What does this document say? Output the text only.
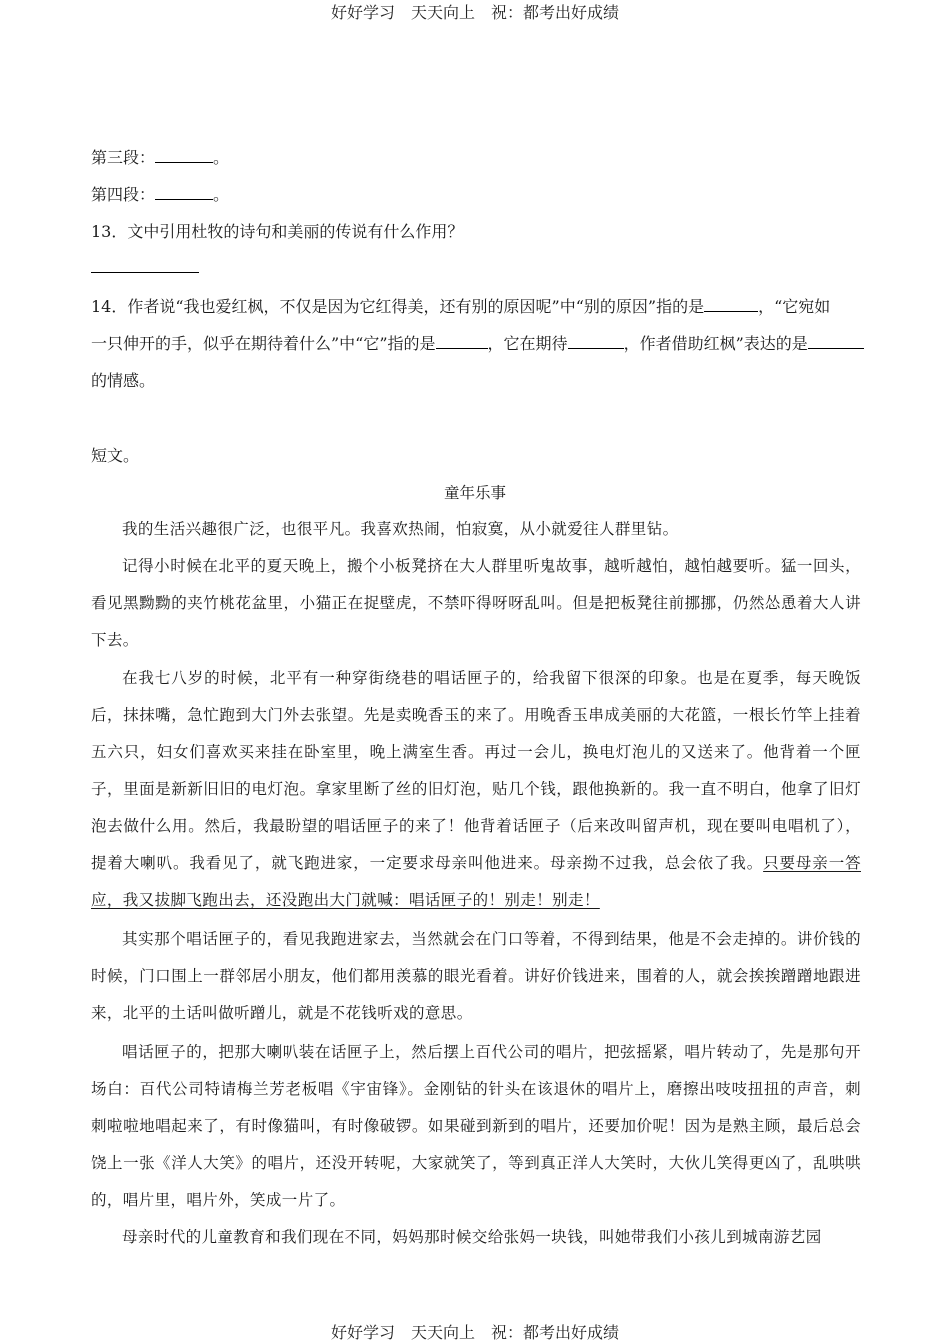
好好学习　天天向上　祝：都考出好成绩
第三段：	。
第四段：	。
13．文中引用杜牧的诗句和美丽的传说有什么作用？
14．作者说“我也爱红枫，不仅是因为它红得美，还有别的原因呢”中“别的原因”指的是	，“它宛如
一只伸开的手，似乎在期待着什么”中“它”指的是	，它在期待	，作者借助红枫”表达的是
的情感。
短文。
童年乐事
我的生活兴趣很广泛，也很平凡。我喜欢热闹，怕寂寞，从小就爱往人群里钻。
记得小时候在北平的夏天晚上，搬个小板凳挤在大人群里听鬼故事，越听越怕，越怕越要听。猛一回头，看见黑黝黝的夹竹桃花盆里，小猫正在捉壁虎，不禁吓得呀呀乱叫。但是把板凳往前挪挪，仍然怂恿着大人讲下去。
在我七八岁的时候，北平有一种穿街绕巷的唱话匣子的，给我留下很深的印象。也是在夏季，每天晚饭后，抹抹嘴，急忙跑到大门外去张望。先是卖晚香玉的来了。用晚香玉串成美丽的大花篮，一根长竹竿上挂着五六只，妇女们喜欢买来挂在卧室里，晚上满室生香。再过一会儿，换电灯泡儿的又送来了。他背着一个匣子，里面是新新旧旧的电灯泡。拿家里断了丝的旧灯泡，贴几个钱，跟他换新的。我一直不明白，他拿了旧灯泡去做什么用。然后，我最盼望的唱话匣子的来了！他背着话匣子（后来改叫留声机，现在要叫电唱机了），提着大喇叭。我看见了，就飞跑进家，一定要求母亲叫他进来。母亲拗不过我，总会依了我。只要母亲一答应，我又拔脚飞跑出去，还没跑出大门就喊：唱话匣子的！别走！别走！
其实那个唱话匣子的，看见我跑进家去，当然就会在门口等着，不得到结果，他是不会走掉的。讲价钱的时候，门口围上一群邻居小朋友，他们都用羡慕的眼光看着。讲好价钱进来，围着的人，就会挨挨蹭蹭地跟进来，北平的土话叫做听蹭儿，就是不花钱听戏的意思。
唱话匣子的，把那大喇叭装在话匣子上，然后摆上百代公司的唱片，把弦摇紧，唱片转动了，先是那句开场白：百代公司特请梅兰芳老板唱《宇宙锋》。金刚钻的针头在该退休的唱片上，磨擦出吱吱扭扭的声音，刺刺啦啦地唱起来了，有时像猫叫，有时像破锣。如果碰到新到的唱片，还要加价呢！因为是熟主顾，最后总会饶上一张《洋人大笑》的唱片，还没开转呢，大家就笑了，等到真正洋人大笑时，大伙儿笑得更凶了，乱哄哄的，唱片里，唱片外，笑成一片了。
母亲时代的儿童教育和我们现在不同，妈妈那时候交给张妈一块钱，叫她带我们小孩儿到城南游艺园
好好学习　天天向上　祝：都考出好成绩
